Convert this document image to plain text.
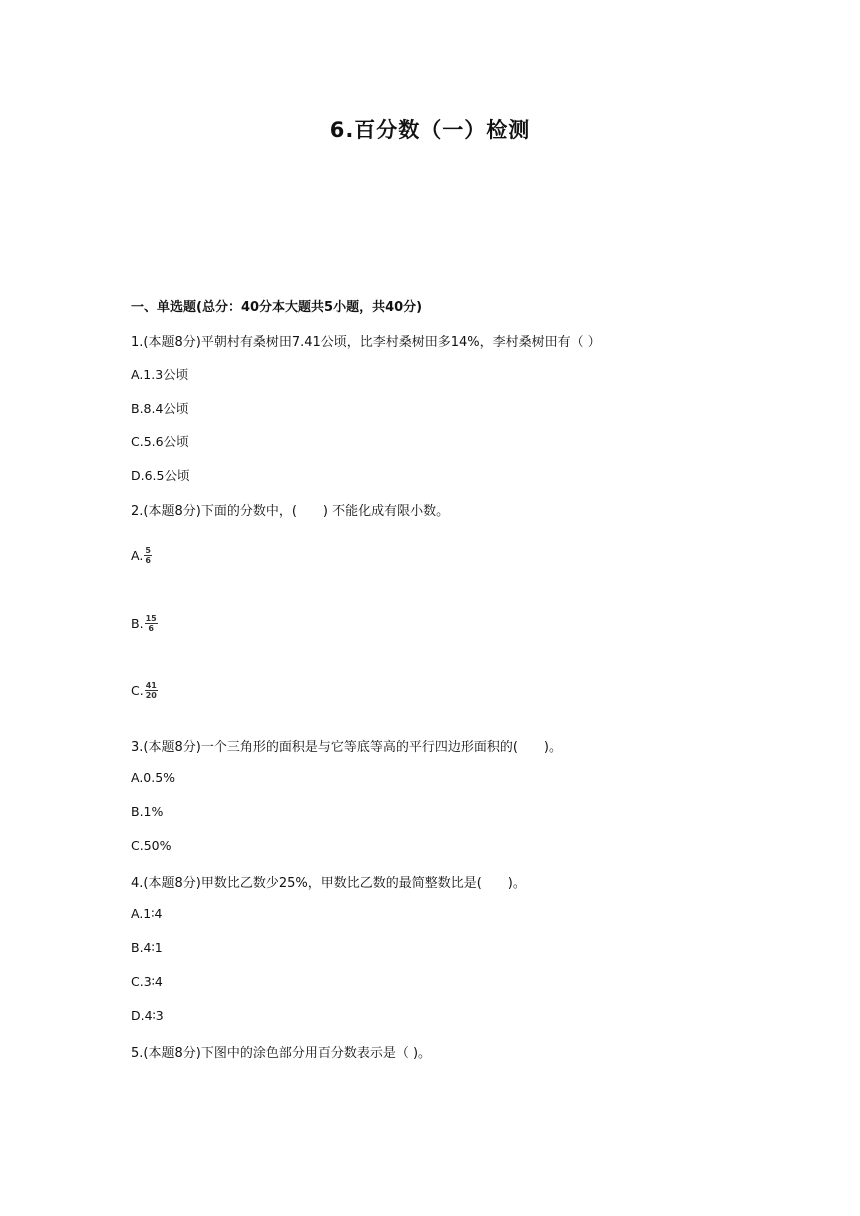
6.百分数（一）检测
一、单选题(总分：40分本大题共5小题，共40分)
1.(本题8分)平朝村有桑树田7.41公顷，比李村桑树田多14%，李村桑树田有（ ）
A.1.3公顷
B.8.4公顷
C.5.6公顷
D.6.5公顷
2.(本题8分)下面的分数中，(　　) 不能化成有限小数。
A. $\frac{5}{6}$
B. $\frac{15}{6}$
C. $\frac{41}{20}$
3.(本题8分)一个三角形的面积是与它等底等高的平行四边形面积的(　　)。
A.0.5%
B.1%
C.50%
4.(本题8分)甲数比乙数少25%，甲数比乙数的最简整数比是(　　)。
A.1∶4
B.4∶1
C.3∶4
D.4∶3
5.(本题8分)下图中的涂色部分用百分数表示是（ )。
